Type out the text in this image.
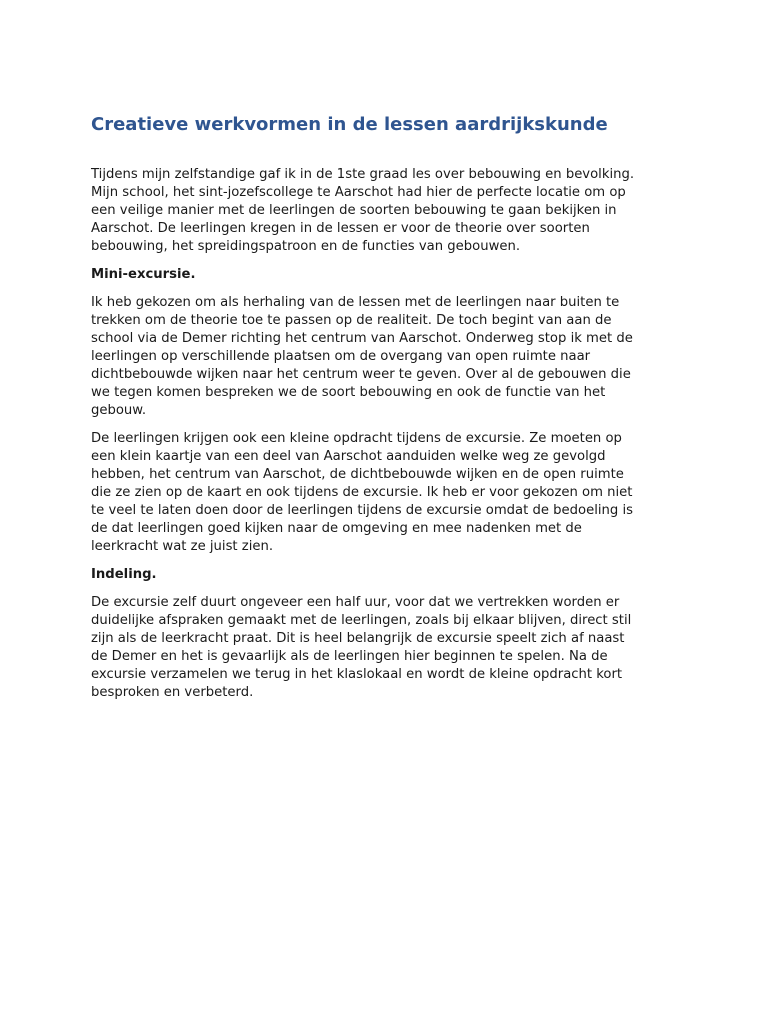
Creatieve werkvormen in de lessen aardrijkskunde

Tijdens mijn zelfstandige gaf ik in de 1ste graad les over bebouwing en bevolking.
Mijn school, het sint-jozefscollege te Aarschot had hier de perfecte locatie om op
een veilige manier met de leerlingen de soorten bebouwing te gaan bekijken in
Aarschot. De leerlingen kregen in de lessen er voor de theorie over soorten
bebouwing, het spreidingspatroon en de functies van gebouwen.

Mini-excursie.

Ik heb gekozen om als herhaling van de lessen met de leerlingen naar buiten te
trekken om de theorie toe te passen op de realiteit. De toch begint van aan de
school via de Demer richting het centrum van Aarschot. Onderweg stop ik met de
leerlingen op verschillende plaatsen om de overgang van open ruimte naar
dichtbebouwde wijken naar het centrum weer te geven. Over al de gebouwen die
we tegen komen bespreken we de soort bebouwing en ook de functie van het
gebouw.

De leerlingen krijgen ook een kleine opdracht tijdens de excursie. Ze moeten op
een klein kaartje van een deel van Aarschot aanduiden welke weg ze gevolgd
hebben, het centrum van Aarschot, de dichtbebouwde wijken en de open ruimte
die ze zien op de kaart en ook tijdens de excursie. Ik heb er voor gekozen om niet
te veel te laten doen door de leerlingen tijdens de excursie omdat de bedoeling is
de dat leerlingen goed kijken naar de omgeving en mee nadenken met de
leerkracht wat ze juist zien.

Indeling.

De excursie zelf duurt ongeveer een half uur, voor dat we vertrekken worden er
duidelijke afspraken gemaakt met de leerlingen, zoals bij elkaar blijven, direct stil
zijn als de leerkracht praat. Dit is heel belangrijk de excursie speelt zich af naast
de Demer en het is gevaarlijk als de leerlingen hier beginnen te spelen. Na de
excursie verzamelen we terug in het klaslokaal en wordt de kleine opdracht kort
besproken en verbeterd.
